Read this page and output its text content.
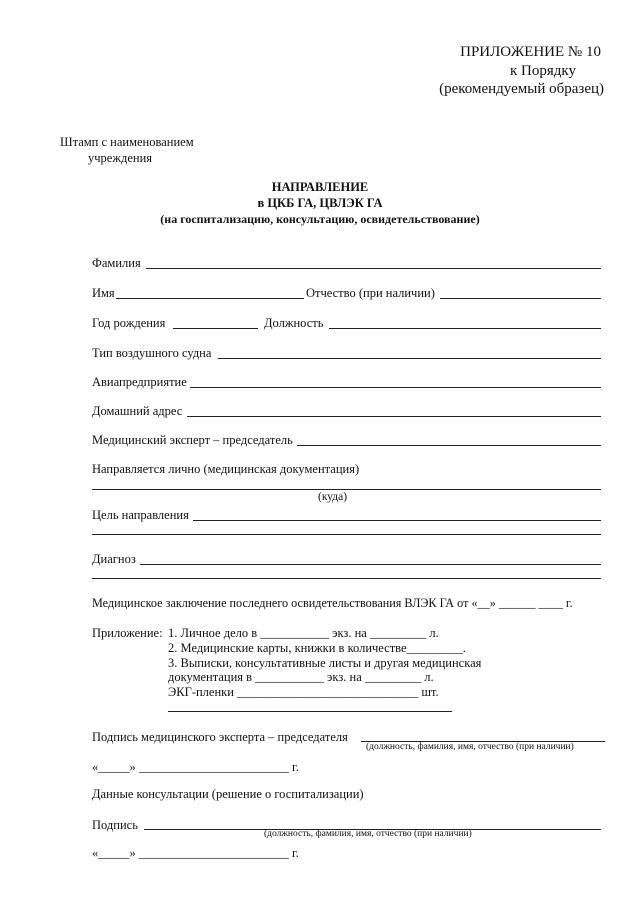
ПРИЛОЖЕНИЕ № 10
к Порядку
(рекомендуемый образец)
Штамп с наименованием
учреждения
НАПРАВЛЕНИЕ
в ЦКБ ГА, ЦВЛЭК ГА
(на госпитализацию, консультацию, освидетельствование)
Фамилия
Имя	Отчество (при наличии)
Год рождения	Должность
Тип воздушного судна
Авиапредприятие
Домашний адрес
Медицинский эксперт – председатель
Направляется лично (медицинская документация)
(куда)
Цель направления
Диагноз
Медицинское заключение последнего освидетельствования ВЛЭК ГА от «__» ______ ____ г.
Приложение: 1. Личное дело в ___________ экз. на _________ л.
2. Медицинские карты, книжки в количестве_________.
3. Выписки, консультативные листы и другая медицинская
документация в ___________ экз. на _________ л.
ЭКГ-пленки _____________________________ шт.
Подпись медицинского эксперта – председателя
(должность, фамилия, имя, отчество (при наличии)
«_____» ________________________ г.
Данные консультации (решение о госпитализации)
Подпись
(должность, фамилия, имя, отчество (при наличии)
«_____» ________________________ г.
